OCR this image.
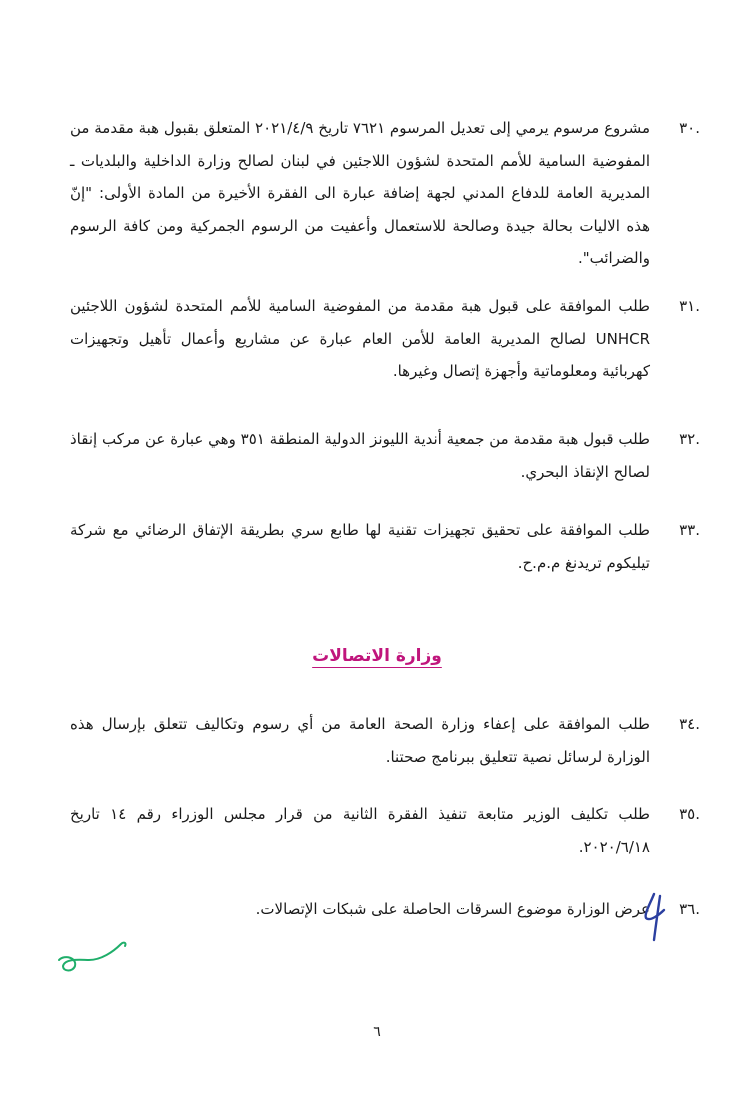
.٣٠
مشروع مرسوم يرمي إلى تعديل المرسوم ٧٦٢١ تاريخ ٢٠٢١/٤/٩ المتعلق بقبول هبة مقدمة من المفوضية السامية للأمم المتحدة لشؤون اللاجئين في لبنان لصالح وزارة الداخلية والبلديات ـ المديرية العامة للدفاع المدني لجهة إضافة عبارة الى الفقرة الأخيرة من المادة الأولى: "إنّ هذه الاليات بحالة جيدة وصالحة للاستعمال وأعفيت من الرسوم الجمركية ومن كافة الرسوم والضرائب".
.٣١
طلب الموافقة على قبول هبة مقدمة من المفوضية السامية للأمم المتحدة لشؤون اللاجئين UNHCR لصالح المديرية العامة للأمن العام عبارة عن مشاريع وأعمال تأهيل وتجهيزات كهربائية ومعلوماتية وأجهزة إتصال وغيرها.
.٣٢
طلب قبول هبة مقدمة من جمعية أندية الليونز الدولية المنطقة ٣٥١ وهي عبارة عن مركب إنقاذ لصالح الإنقاذ البحري.
.٣٣
طلب الموافقة على تحقيق تجهيزات تقنية لها طابع سري بطريقة الإتفاق الرضائي مع شركة تيليكوم تريدنغ م.م.ح.
وزارة الاتصالات
.٣٤
طلب الموافقة على إعفاء وزارة الصحة العامة من أي رسوم وتكاليف تتعلق بإرسال هذه الوزارة لرسائل نصية تتعليق ببرنامج صحتنا.
.٣٥
طلب تكليف الوزير متابعة تنفيذ الفقرة الثانية من قرار مجلس الوزراء رقم ١٤ تاريخ ٢٠٢٠/٦/١٨.
.٣٦
عرض الوزارة موضوع السرقات الحاصلة على شبكات الإتصالات.
٦
